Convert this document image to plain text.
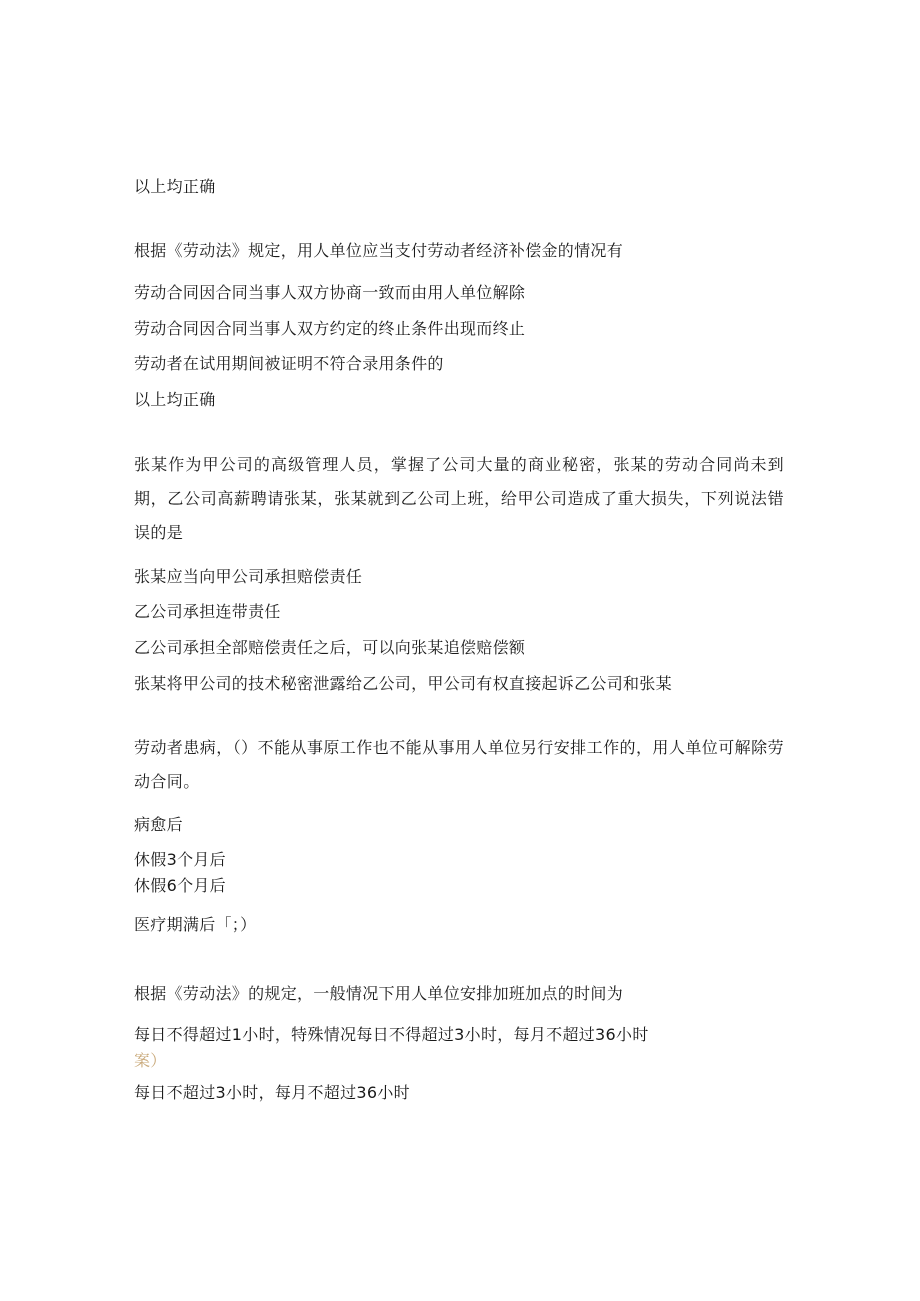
以上均正确
根据《劳动法》规定，用人单位应当支付劳动者经济补偿金的情况有
劳动合同因合同当事人双方协商一致而由用人单位解除
劳动合同因合同当事人双方约定的终止条件出现而终止
劳动者在试用期间被证明不符合录用条件的
以上均正确
张某作为甲公司的高级管理人员，掌握了公司大量的商业秘密，张某的劳动合同尚未到期，乙公司高薪聘请张某，张某就到乙公司上班，给甲公司造成了重大损失，下列说法错误的是
张某应当向甲公司承担赔偿责任
乙公司承担连带责任
乙公司承担全部赔偿责任之后，可以向张某追偿赔偿额
张某将甲公司的技术秘密泄露给乙公司，甲公司有权直接起诉乙公司和张某
劳动者患病，（）不能从事原工作也不能从事用人单位另行安排工作的，用人单位可解除劳动合同。
病愈后
休假3个月后
休假6个月后
医疗期满后「；）
根据《劳动法》的规定，一般情况下用人单位安排加班加点的时间为
每日不得超过1小时，特殊情况每日不得超过3小时，每月不超过36小时
案）
每日不超过3小时，每月不超过36小时
